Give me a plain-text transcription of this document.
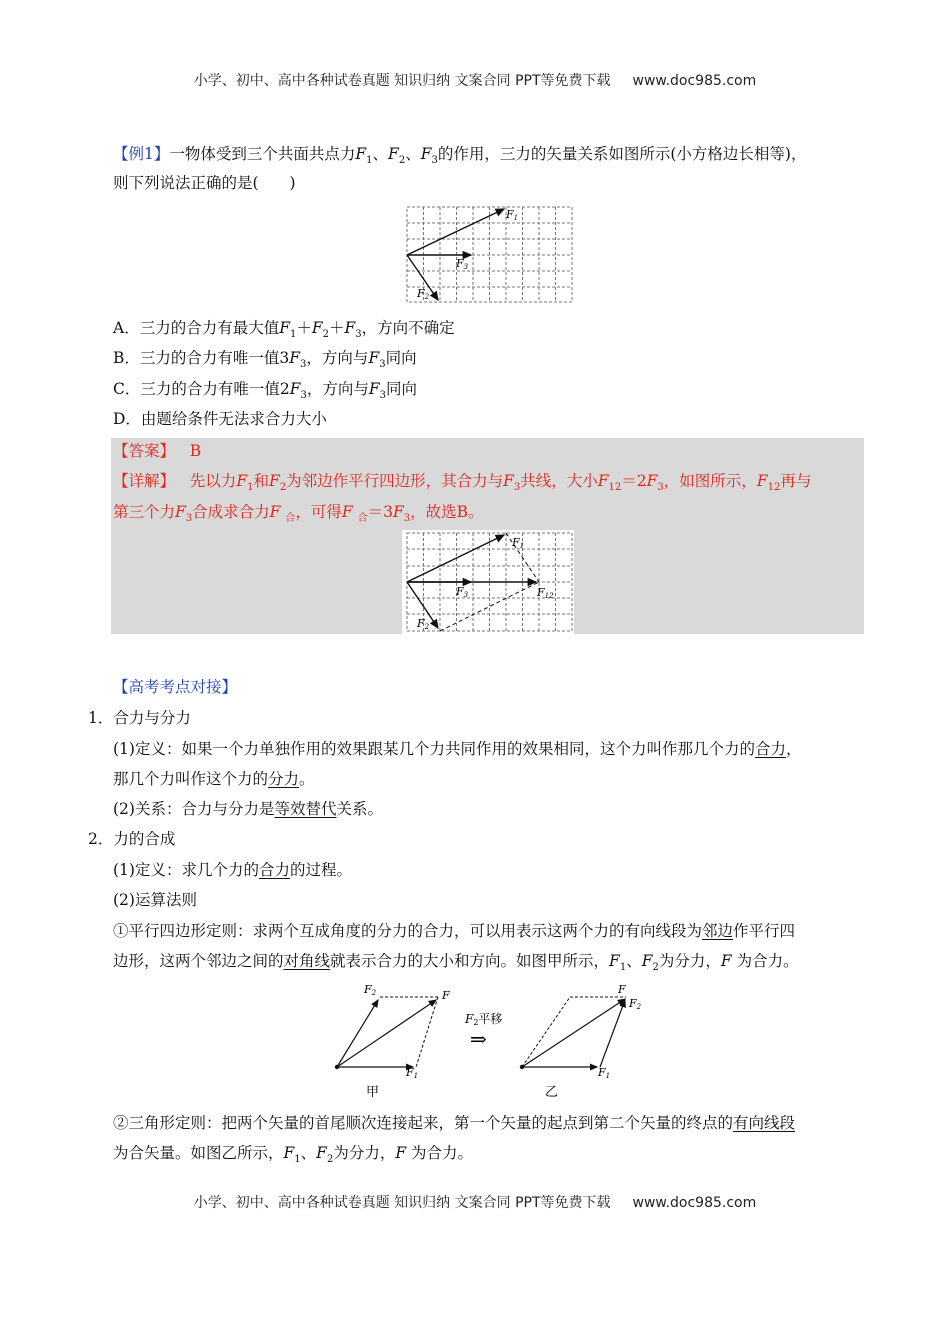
小学、初中、高中各种试卷真题 知识归纳 文案合同 PPT等免费下载 www.doc985.com
【例1】一物体受到三个共面共点力$F_1$、$F_2$、$F_3$的作用，三力的矢量关系如图所示(小方格边长相等)，
则下列说法正确的是(　　)
F1
F3
F2
A．三力的合力有最大值$F_1+F_2+F_3$，方向不确定
B．三力的合力有唯一值$3F_3$，方向与$F_3$同向
C．三力的合力有唯一值$2F_3$，方向与$F_3$同向
D．由题给条件无法求合力大小
【答案】 B
【详解】 先以力$F_1$和$F_2$为邻边作平行四边形，其合力与$F_3$共线，大小$F_{12}=2F_3$，如图所示，$F_{12}$再与
第三个力$F_3$合成求合力F $_合$，可得F $_合=3F_3$，故选B。
F1
F3	F12
F2
【高考考点对接】
1．合力与分力
(1)定义：如果一个力单独作用的效果跟某几个力共同作用的效果相同，这个力叫作那几个力的合力，
那几个力叫作这个力的分力。
(2)关系：合力与分力是等效替代关系。
2．力的合成
(1)定义：求几个力的合力的过程。
(2)运算法则
①平行四边形定则：求两个互成角度的分力的合力，可以用表示这两个力的有向线段为邻边作平行四
边形，这两个邻边之间的对角线就表示合力的大小和方向。如图甲所示，$F_1$、$F_2$为分力，F 为合力。
F2	F
F1
甲
F2平移
⇒
F
F2
F1
乙
②三角形定则：把两个矢量的首尾顺次连接起来，第一个矢量的起点到第二个矢量的终点的有向线段
为合矢量。如图乙所示，$F_1$、$F_2$为分力，F 为合力。
小学、初中、高中各种试卷真题 知识归纳 文案合同 PPT等免费下载 www.doc985.com
